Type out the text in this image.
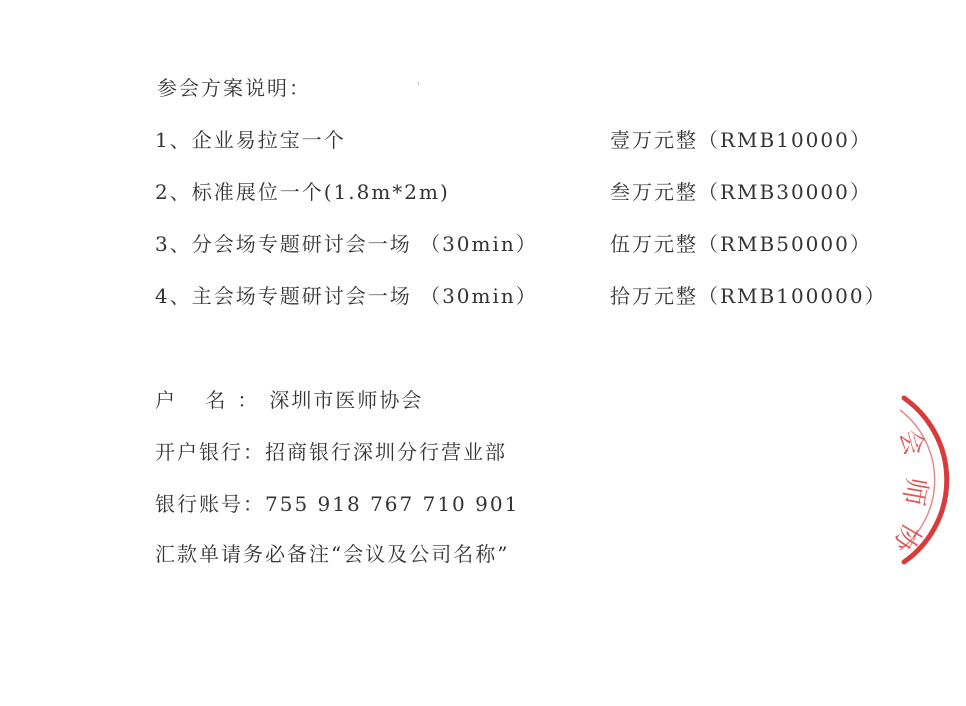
参会方案说明：
1、企业易拉宝一个	壹万元整（RMB10000）
2、标准展位一个(1.8m*2m)	叁万元整（RMB30000）
3、分会场专题研讨会一场 （30min）	伍万元整（RMB50000）
4、主会场专题研讨会一场 （30min）	拾万元整（RMB100000）
户 名：深圳市医师协会
开户银行：招商银行深圳分行营业部
银行账号：755 918 767 710 901
汇款单请务必备注“会议及公司名称”
会
师
协
